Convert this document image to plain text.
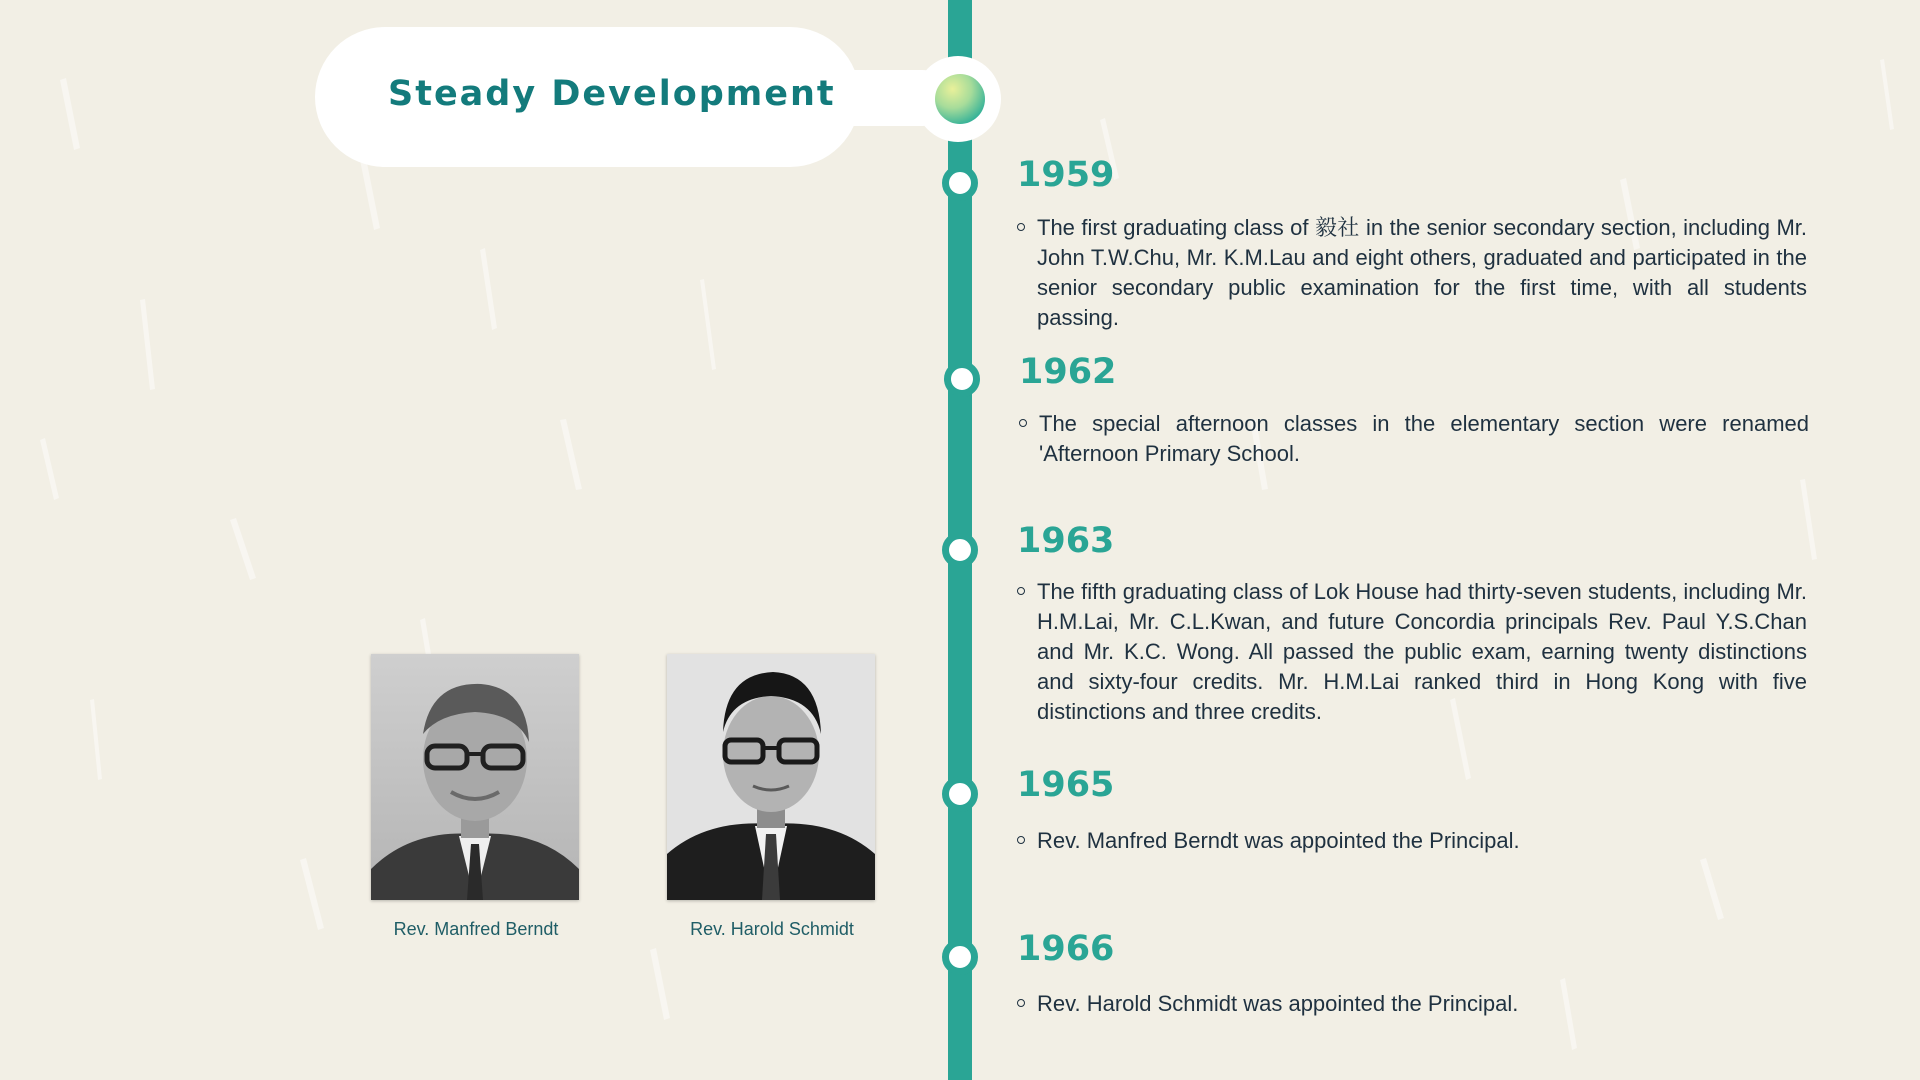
Steady Development
1959

The first graduating class of 毅社 in the senior secondary section, including Mr. John T.W.Chu, Mr. K.M.Lau and eight others, graduated and participated in the senior secondary public examination for the first time, with all students passing.

1962

The special afternoon classes in the elementary section were renamed 'Afternoon Primary School.

1963

The fifth graduating class of Lok House had thirty-seven students, including Mr. H.M.Lai, Mr. C.L.Kwan, and future Concordia principals Rev. Paul Y.S.Chan and Mr. K.C. Wong. All passed the public exam, earning twenty distinctions and sixty-four credits. Mr. H.M.Lai ranked third in Hong Kong with five distinctions and three credits.

1965

Rev. Manfred Berndt was appointed the Principal.

1966

Rev. Harold Schmidt was appointed the Principal.

Rev. Manfred Berndt	Rev. Harold Schmidt
